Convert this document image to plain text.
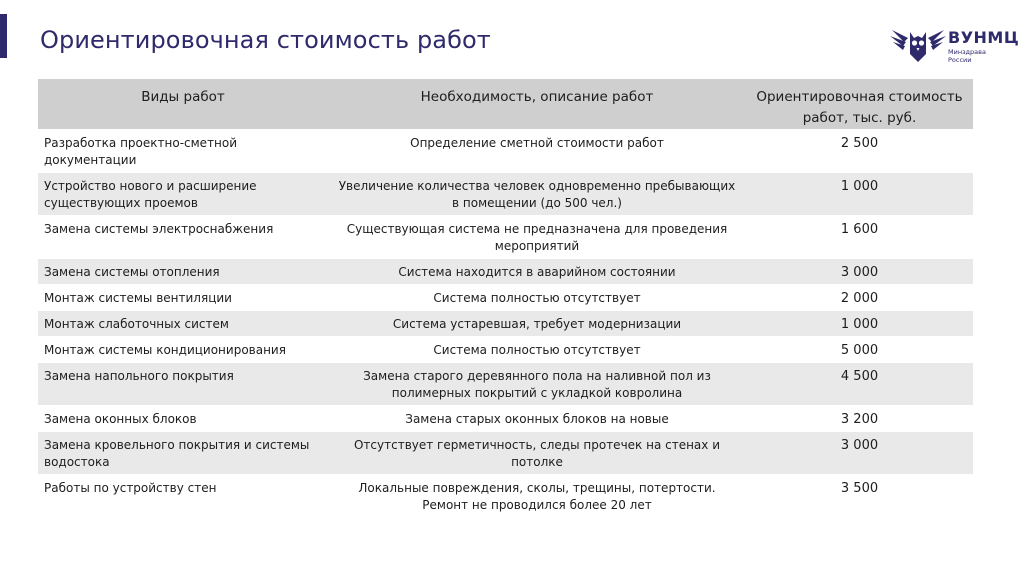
Ориентировочная стоимость работ	ВУНМЦ
Минздрава России
Виды работ	Необходимость, описание работ	Ориентировочная стоимость работ, тыс. руб.
Разработка проектно-сметной документации	Определение сметной стоимости работ	2 500
Устройство нового и расширение существующих проемов	Увеличение количества человек одновременно пребывающих в помещении (до 500 чел.)	1 000
Замена системы электроснабжения	Существующая система не предназначена для проведения мероприятий	1 600
Замена системы отопления	Система находится в аварийном состоянии	3 000
Монтаж системы вентиляции	Система полностью отсутствует	2 000
Монтаж слаботочных систем	Система устаревшая, требует модернизации	1 000
Монтаж системы кондиционирования	Система полностью отсутствует	5 000
Замена напольного покрытия	Замена старого деревянного пола на наливной пол из полимерных покрытий с укладкой ковролина	4 500
Замена оконных блоков	Замена старых оконных блоков на новые	3 200
Замена кровельного покрытия и системы водостока	Отсутствует герметичность, следы протечек на стенах и потолке	3 000
Работы по устройству стен	Локальные повреждения, сколы, трещины, потертости. Ремонт не проводился более 20 лет	3 500
